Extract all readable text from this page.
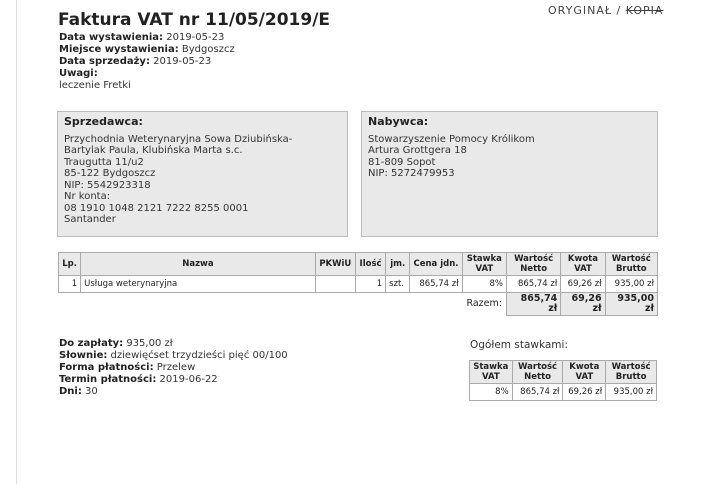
ORYGINAŁ / KOPIA
Faktura VAT nr 11/05/2019/E
Data wystawienia: 2019-05-23
Miejsce wystawienia: Bydgoszcz
Data sprzedaży: 2019-05-23
Uwagi:
leczenie Fretki
Sprzedawca:
Przychodnia Weterynaryjna Sowa Dziubińska-
Bartylak Paula, Klubińska Marta s.c.
Traugutta 11/u2
85-122 Bydgoszcz
NIP: 5542923318
Nr konta:
08 1910 1048 2121 7222 8255 0001
Santander
Nabywca:
Stowarzyszenie Pomocy Królikom
Artura Grottgera 18
81-809 Sopot
NIP: 5272479953
Lp.	Nazwa	PKWiU	Ilość	jm.	Cena jdn.	Stawka VAT	Wartość Netto	Kwota VAT	Wartość Brutto
1	Usługa weterynaryjna		1	szt.	865,74 zł	8%	865,74 zł	69,26 zł	935,00 zł
Razem:							865,74 zł	69,26 zł	935,00 zł
Do zapłaty: 935,00 zł
Słownie: dziewięćset trzydzieści pięć 00/100
Forma płatności: Przelew
Termin płatności: 2019-06-22
Dni: 30
Ogółem stawkami:
Stawka VAT	Wartość Netto	Kwota VAT	Wartość Brutto
8%	865,74 zł	69,26 zł	935,00 zł
